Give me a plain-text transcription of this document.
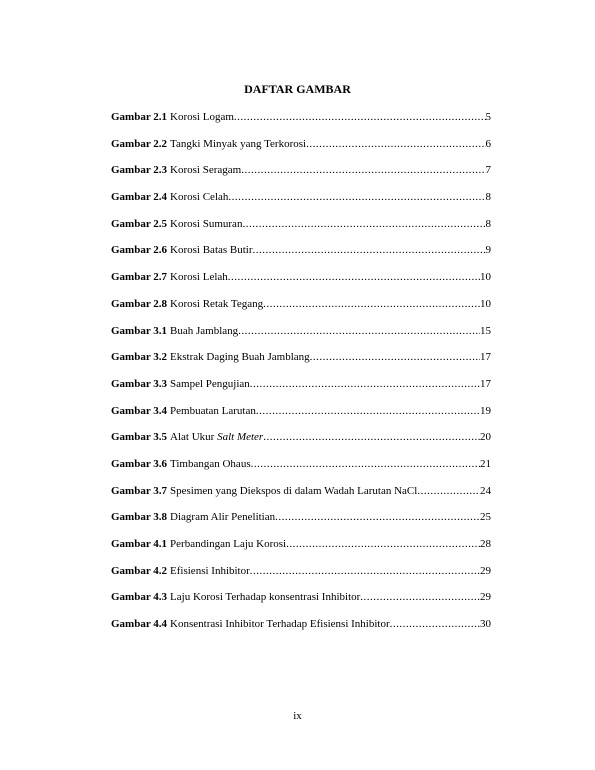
DAFTAR GAMBAR
Gambar 2.1 Korosi Logam .....	5
Gambar 2.2 Tangki Minyak yang Terkorosi .....	6
Gambar 2.3 Korosi Seragam .....	7
Gambar 2.4 Korosi Celah .....	8
Gambar 2.5 Korosi Sumuran .....	8
Gambar 2.6 Korosi Batas Butir .....	9
Gambar 2.7 Korosi Lelah .....	10
Gambar 2.8 Korosi Retak Tegang .....	10
Gambar 3.1 Buah Jamblang .....	15
Gambar 3.2 Ekstrak Daging Buah Jamblang .....	17
Gambar 3.3 Sampel Pengujian .....	17
Gambar 3.4 Pembuatan Larutan .....	19
Gambar 3.5 Alat Ukur Salt Meter .....	20
Gambar 3.6 Timbangan Ohaus .....	21
Gambar 3.7 Spesimen yang Diekspos di dalam Wadah Larutan NaCl .....	24
Gambar 3.8 Diagram Alir Penelitian .....	25
Gambar 4.1 Perbandingan Laju Korosi .....	28
Gambar 4.2 Efisiensi Inhibitor .....	29
Gambar 4.3 Laju Korosi Terhadap konsentrasi Inhibitor .....	29
Gambar 4.4 Konsentrasi Inhibitor Terhadap Efisiensi Inhibitor .....	30
ix
